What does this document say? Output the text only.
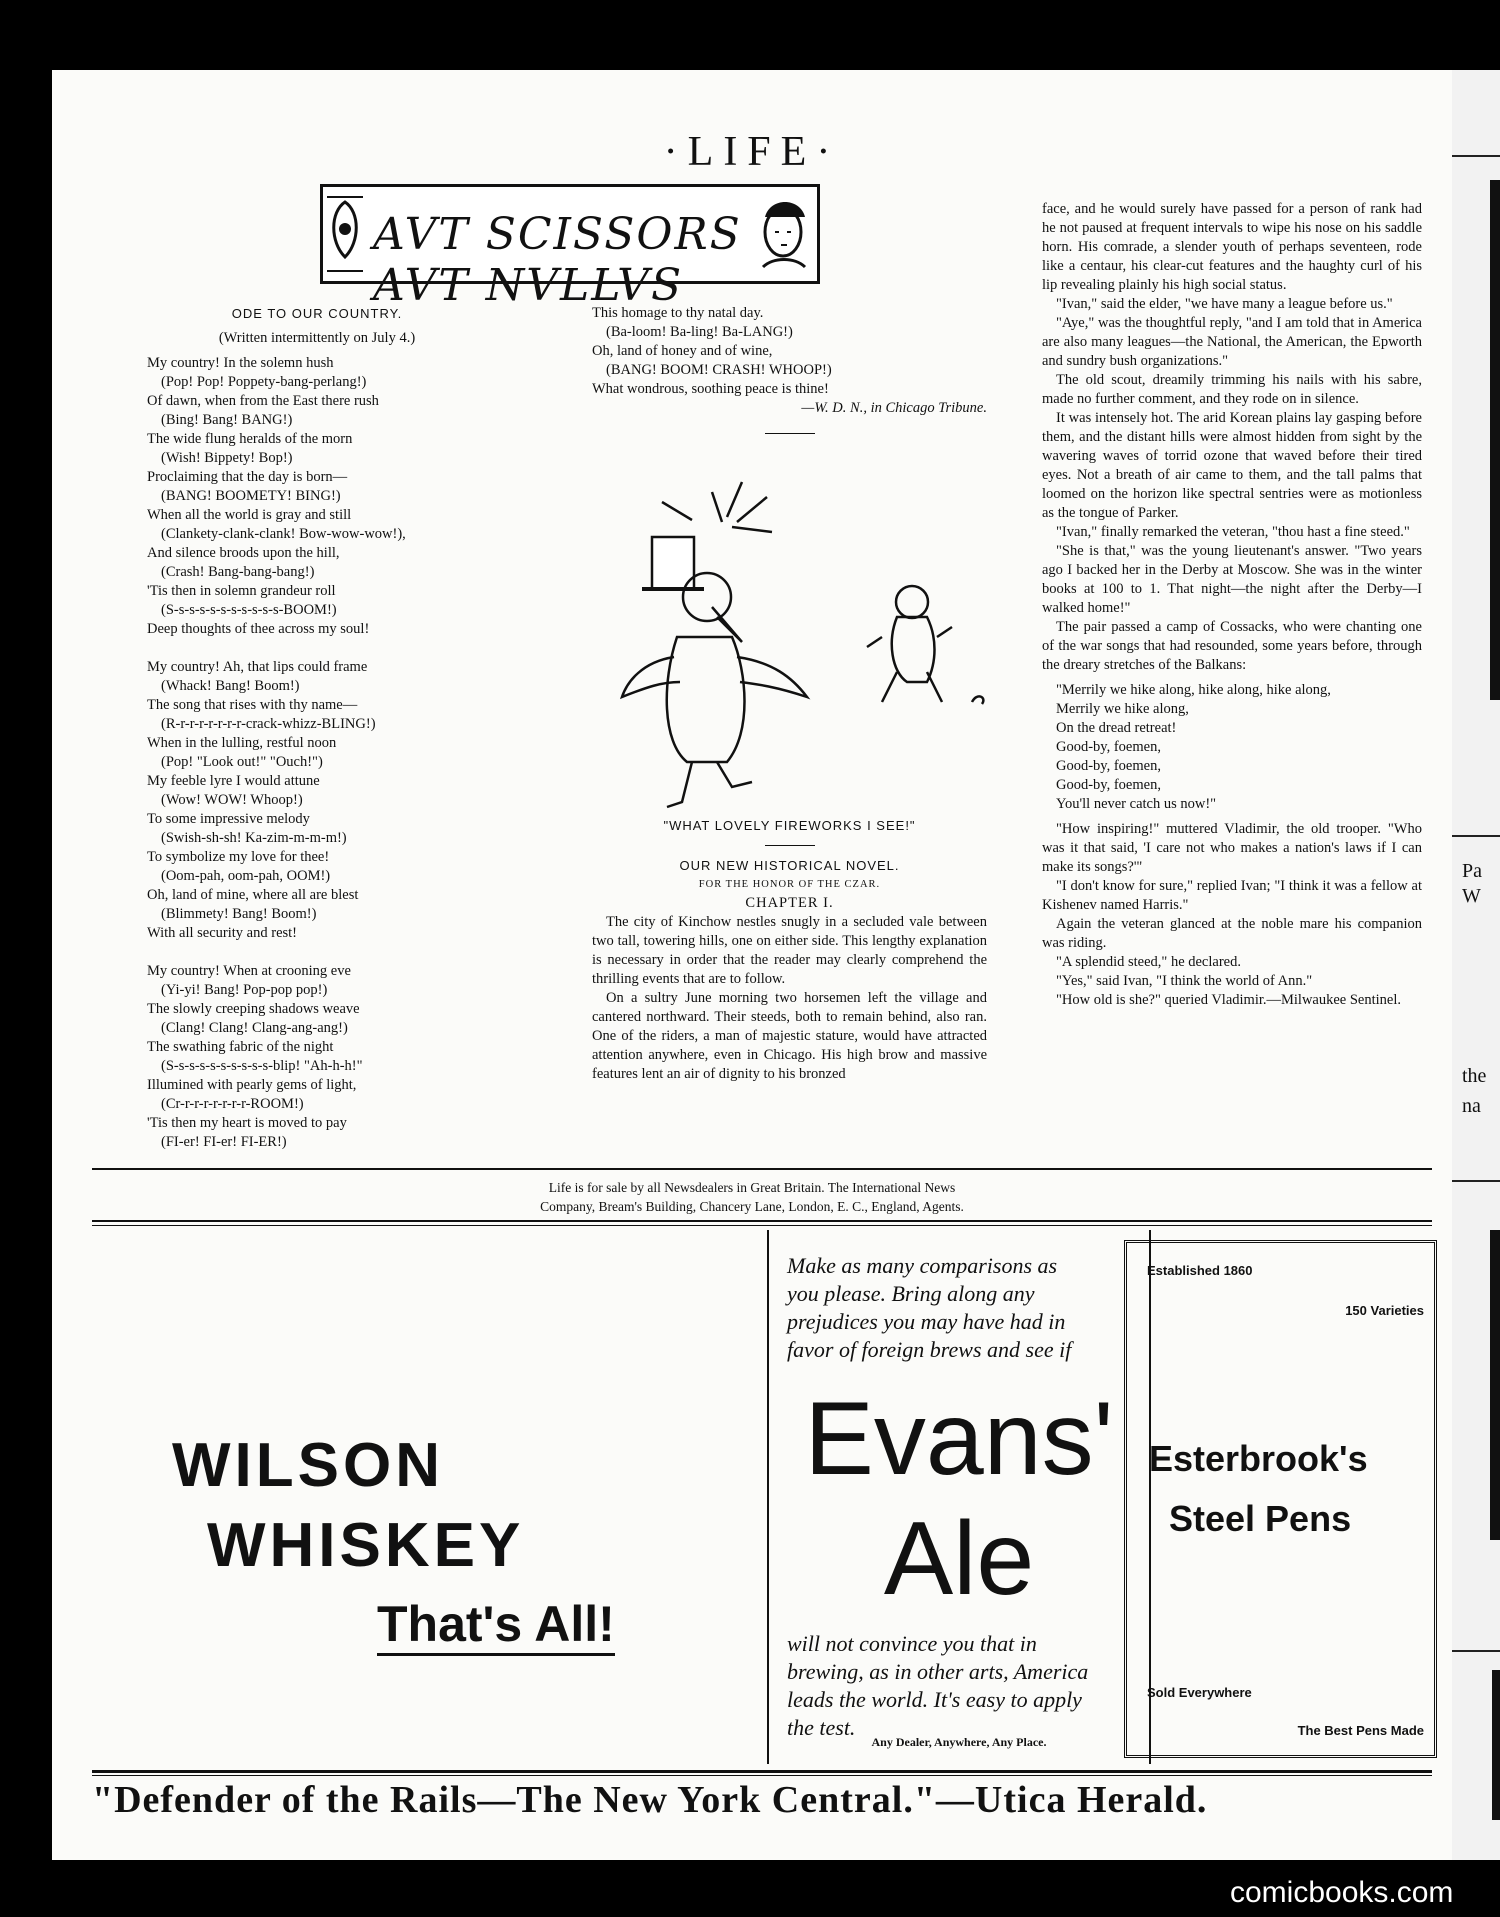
Pa
W
the
na
·LIFE·
AVT SCISSORS AVT NVLLVS

ODE TO OUR COUNTRY.

(Written intermittently on July 4.)

My country! In the solemn hush

(Pop! Pop! Poppety-bang-perlang!)

Of dawn, when from the East there rush

(Bing! Bang! BANG!)

The wide flung heralds of the morn

(Wish! Bippety! Bop!)

Proclaiming that the day is born—

(BANG! BOOMETY! BING!)

When all the world is gray and still

(Clankety-clank-clank! Bow-wow-wow!),

And silence broods upon the hill,

(Crash! Bang-bang-bang!)

'Tis then in solemn grandeur roll

(S-s-s-s-s-s-s-s-s-s-s-BOOM!)

Deep thoughts of thee across my soul!

My country! Ah, that lips could frame

(Whack! Bang! Boom!)

The song that rises with thy name—

(R-r-r-r-r-r-r-r-crack-whizz-BLING!)

When in the lulling, restful noon

(Pop! "Look out!" "Ouch!")

My feeble lyre I would attune

(Wow! WOW! Whoop!)

To some impressive melody

(Swish-sh-sh! Ka-zim-m-m-m!)

To symbolize my love for thee!

(Oom-pah, oom-pah, OOM!)

Oh, land of mine, where all are blest

(Blimmety! Bang! Boom!)

With all security and rest!

My country! When at crooning eve

(Yi-yi! Bang! Pop-pop pop!)

The slowly creeping shadows weave

(Clang! Clang! Clang-ang-ang!)

The swathing fabric of the night

(S-s-s-s-s-s-s-s-s-s-blip! "Ah-h-h!"

Illumined with pearly gems of light,

(Cr-r-r-r-r-r-r-r-ROOM!)

'Tis then my heart is moved to pay

(FI-er! FI-er! FI-ER!)

This homage to thy natal day.

(Ba-loom! Ba-ling! Ba-LANG!)

Oh, land of honey and of wine,

(BANG! BOOM! CRASH! WHOOP!)

What wondrous, soothing peace is thine!

—W. D. N., in Chicago Tribune.

"WHAT LOVELY FIREWORKS I SEE!"

OUR NEW HISTORICAL NOVEL.

FOR THE HONOR OF THE CZAR.

CHAPTER I.

The city of Kinchow nestles snugly in a secluded vale between two tall, towering hills, one on either side. This lengthy explanation is necessary in order that the reader may clearly comprehend the thrilling events that are to follow.

On a sultry June morning two horsemen left the village and cantered northward. Their steeds, both to remain behind, also ran. One of the riders, a man of majestic stature, would have attracted attention anywhere, even in Chicago. His high brow and massive features lent an air of dignity to his bronzed

face, and he would surely have passed for a person of rank had he not paused at frequent intervals to wipe his nose on his saddle horn. His comrade, a slender youth of perhaps seventeen, rode like a centaur, his clear-cut features and the haughty curl of his lip revealing plainly his high social status.

"Ivan," said the elder, "we have many a league before us."

"Aye," was the thoughtful reply, "and I am told that in America are also many leagues—the National, the American, the Epworth and sundry bush organizations."

The old scout, dreamily trimming his nails with his sabre, made no further comment, and they rode on in silence.

It was intensely hot. The arid Korean plains lay gasping before them, and the distant hills were almost hidden from sight by the wavering waves of torrid ozone that waved before their tired eyes. Not a breath of air came to them, and the tall palms that loomed on the horizon like spectral sentries were as motionless as the tongue of Parker.

"Ivan," finally remarked the veteran, "thou hast a fine steed."

"She is that," was the young lieutenant's answer. "Two years ago I backed her in the Derby at Moscow. She was in the winter books at 100 to 1. That night—the night after the Derby—I walked home!"

The pair passed a camp of Cossacks, who were chanting one of the war songs that had resounded, some years before, through the dreary stretches of the Balkans:

"Merrily we hike along, hike along, hike along,

Merrily we hike along,

On the dread retreat!

Good-by, foemen,

Good-by, foemen,

Good-by, foemen,

You'll never catch us now!"

"How inspiring!" muttered Vladimir, the old trooper. "Who was it that said, 'I care not who makes a nation's laws if I can make its songs?'"

"I don't know for sure," replied Ivan; "I think it was a fellow at Kishenev named Harris."

Again the veteran glanced at the noble mare his companion was riding.

"A splendid steed," he declared.

"Yes," said Ivan, "I think the world of Ann."

"How old is she?" queried Vladimir.—Milwaukee Sentinel.

Life is for sale by all Newsdealers in Great Britain. The International News
Company, Bream's Building, Chancery Lane, London, E. C., England, Agents.
WILSON
WHISKEY
That's All!
Make as many comparisons as
you please. Bring along any
prejudices you may have had in
favor of foreign brews and see if
Evans'
Ale
will not convince you that in
brewing, as in other arts, America
leads the world. It's easy to apply
the test.
Any Dealer, Anywhere, Any Place.
Established 1860
150 Varieties
Esterbrook's
Steel Pens
Sold Everywhere
The Best Pens Made
"Defender of the Rails—The New York Central."—Utica Herald.
comicbooks.com
